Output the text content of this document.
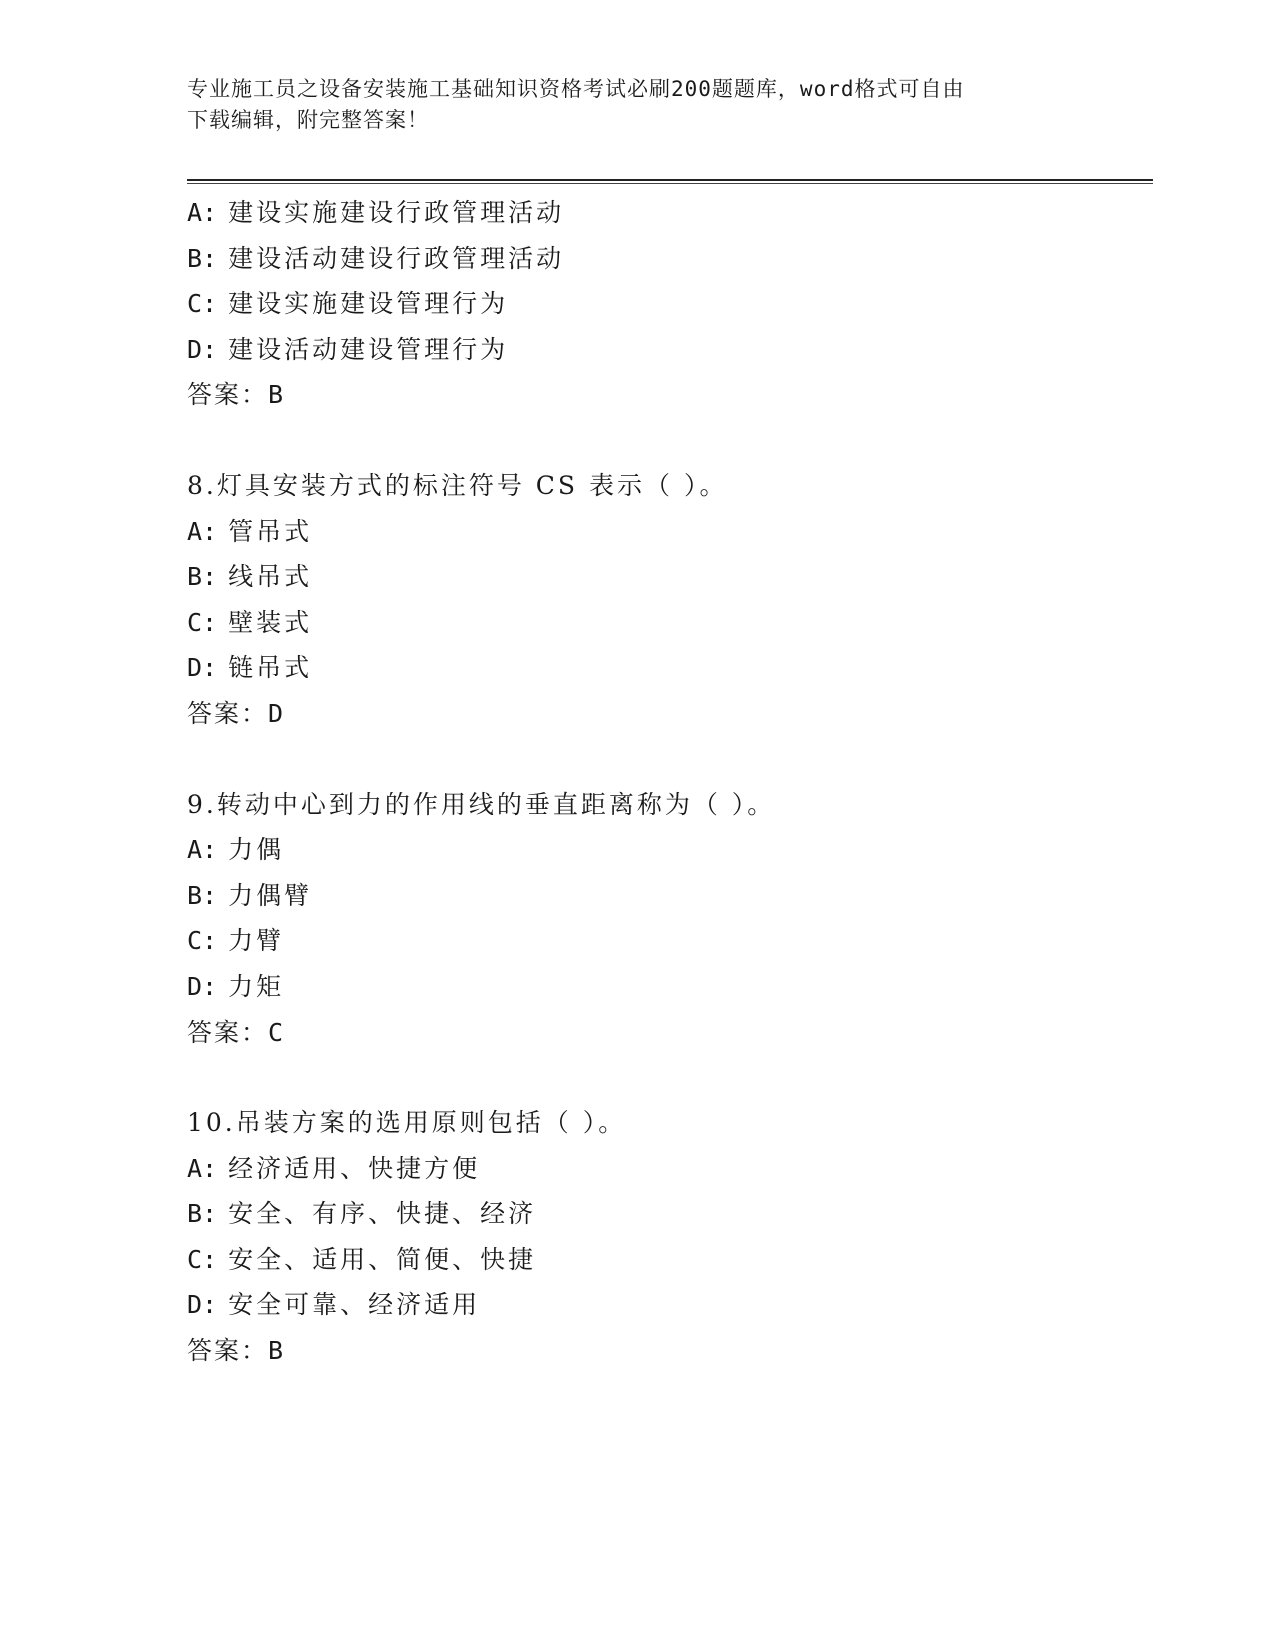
专业施工员之设备安装施工基础知识资格考试必刷200题题库，word格式可自由
下载编辑，附完整答案！
A: 建设实施建设行政管理活动
B: 建设活动建设行政管理活动
C: 建设实施建设管理行为
D: 建设活动建设管理行为
答案：B
8.灯具安装方式的标注符号 CS 表示（ ）。
A: 管吊式
B: 线吊式
C: 壁装式
D: 链吊式
答案：D
9.转动中心到力的作用线的垂直距离称为（ ）。
A: 力偶
B: 力偶臂
C: 力臂
D: 力矩
答案：C
10.吊装方案的选用原则包括（ ）。
A: 经济适用、快捷方便
B: 安全、有序、快捷、经济
C: 安全、适用、简便、快捷
D: 安全可靠、经济适用
答案：B
